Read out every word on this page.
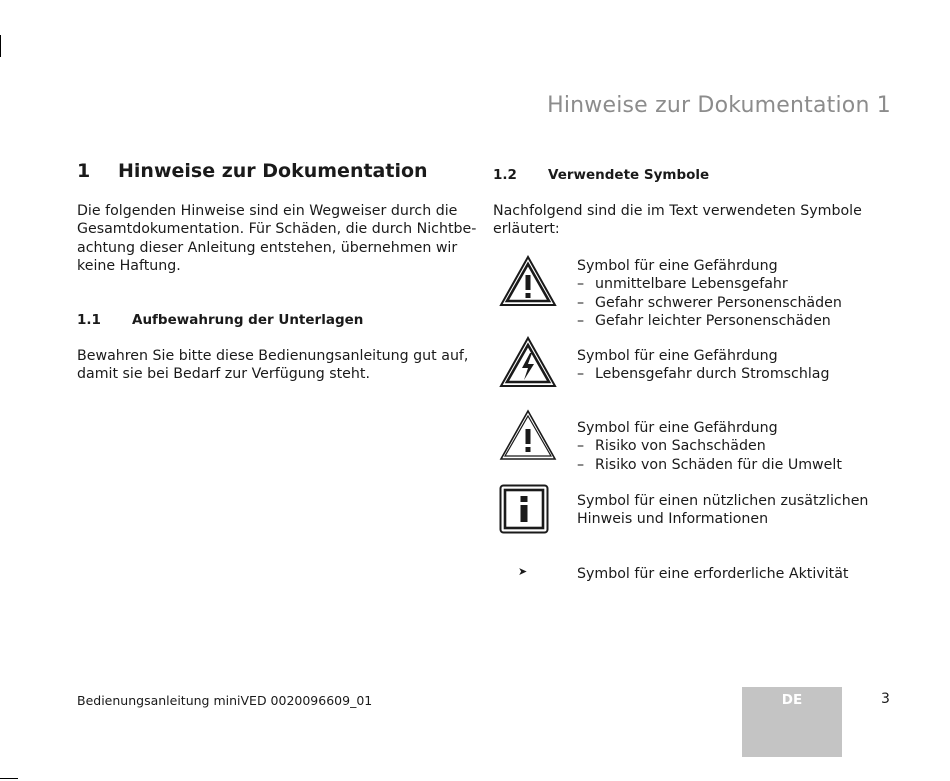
Hinweise zur Dokumentation 1
1 Hinweise zur Dokumentation
Die folgenden Hinweise sind ein Wegweiser durch die
Gesamtdokumentation. Für Schäden, die durch Nichtbe-
achtung dieser Anleitung entstehen, übernehmen wir
keine Haftung.
1.1 Aufbewahrung der Unterlagen
Bewahren Sie bitte diese Bedienungsanleitung gut auf,
damit sie bei Bedarf zur Verfügung steht.
1.2 Verwendete Symbole
Nachfolgend sind die im Text verwendeten Symbole
erläutert:
Symbol für eine Gefährdung
– unmittelbare Lebensgefahr
– Gefahr schwerer Personenschäden
– Gefahr leichter Personenschäden
Symbol für eine Gefährdung
– Lebensgefahr durch Stromschlag
Symbol für eine Gefährdung
– Risiko von Sachschäden
– Risiko von Schäden für die Umwelt
Symbol für einen nützlichen zusätzlichen
Hinweis und Informationen
➤	Symbol für eine erforderliche Aktivität
Bedienungsanleitung miniVED 0020096609_01	DE	3
